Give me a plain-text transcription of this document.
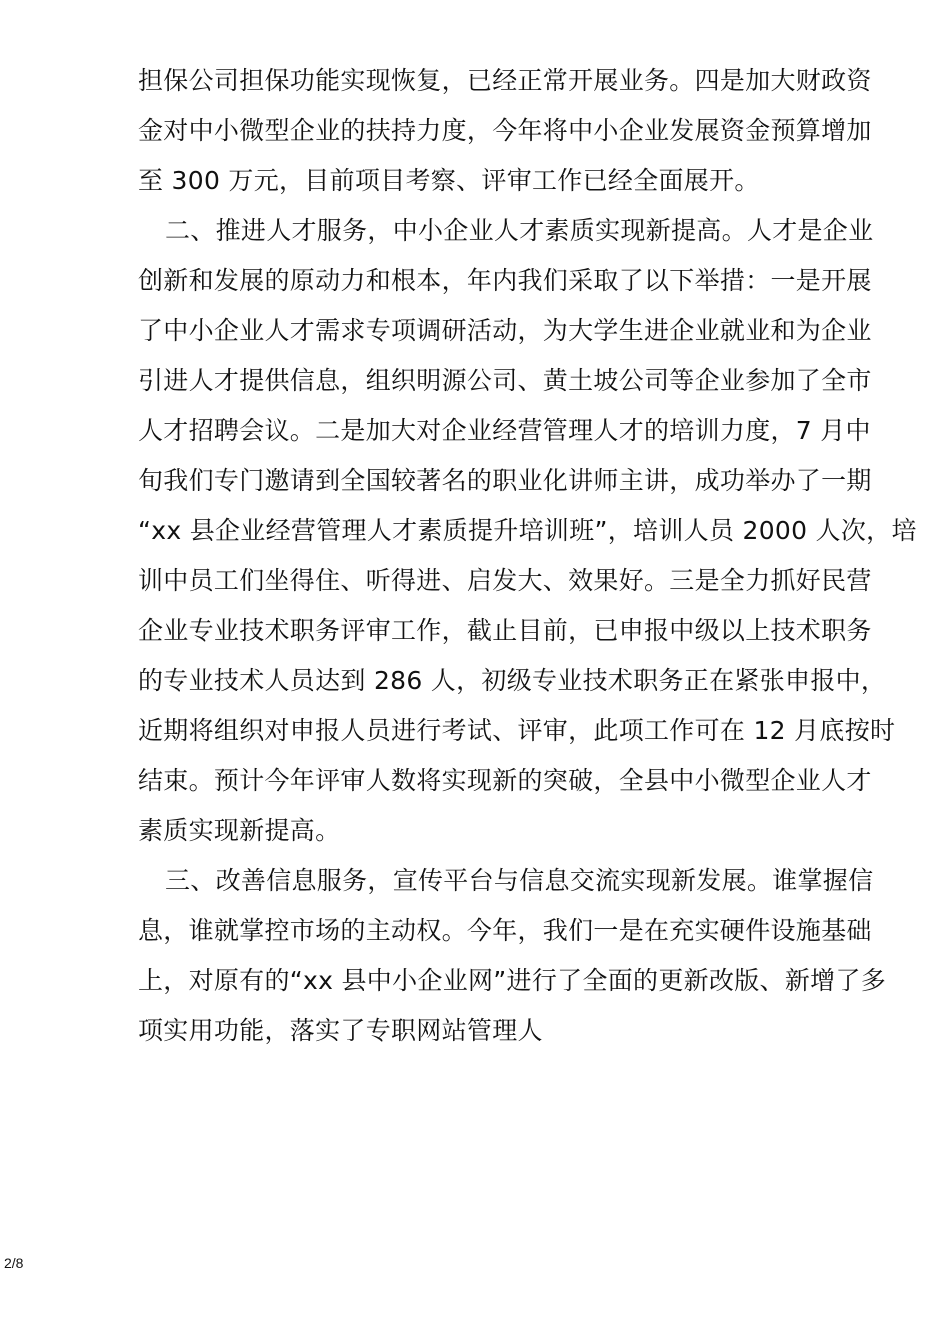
担保公司担保功能实现恢复，已经正常开展业务。四是加大财政资
金对中小微型企业的扶持力度，今年将中小企业发展资金预算增加
至 300 万元，目前项目考察、评审工作已经全面展开。
二、推进人才服务，中小企业人才素质实现新提高。人才是企业
创新和发展的原动力和根本，年内我们采取了以下举措：一是开展
了中小企业人才需求专项调研活动，为大学生进企业就业和为企业
引进人才提供信息，组织明源公司、黄土坡公司等企业参加了全市
人才招聘会议。二是加大对企业经营管理人才的培训力度，7 月中
旬我们专门邀请到全国较著名的职业化讲师主讲，成功举办了一期
“xx 县企业经营管理人才素质提升培训班”，培训人员 2000 人次，培
训中员工们坐得住、听得进、启发大、效果好。三是全力抓好民营
企业专业技术职务评审工作，截止目前，已申报中级以上技术职务
的专业技术人员达到 286 人，初级专业技术职务正在紧张申报中，
近期将组织对申报人员进行考试、评审，此项工作可在 12 月底按时
结束。预计今年评审人数将实现新的突破，全县中小微型企业人才
素质实现新提高。
三、改善信息服务，宣传平台与信息交流实现新发展。谁掌握信
息，谁就掌控市场的主动权。今年，我们一是在充实硬件设施基础
上，对原有的“xx 县中小企业网”进行了全面的更新改版、新增了多
项实用功能，落实了专职网站管理人
2/8
